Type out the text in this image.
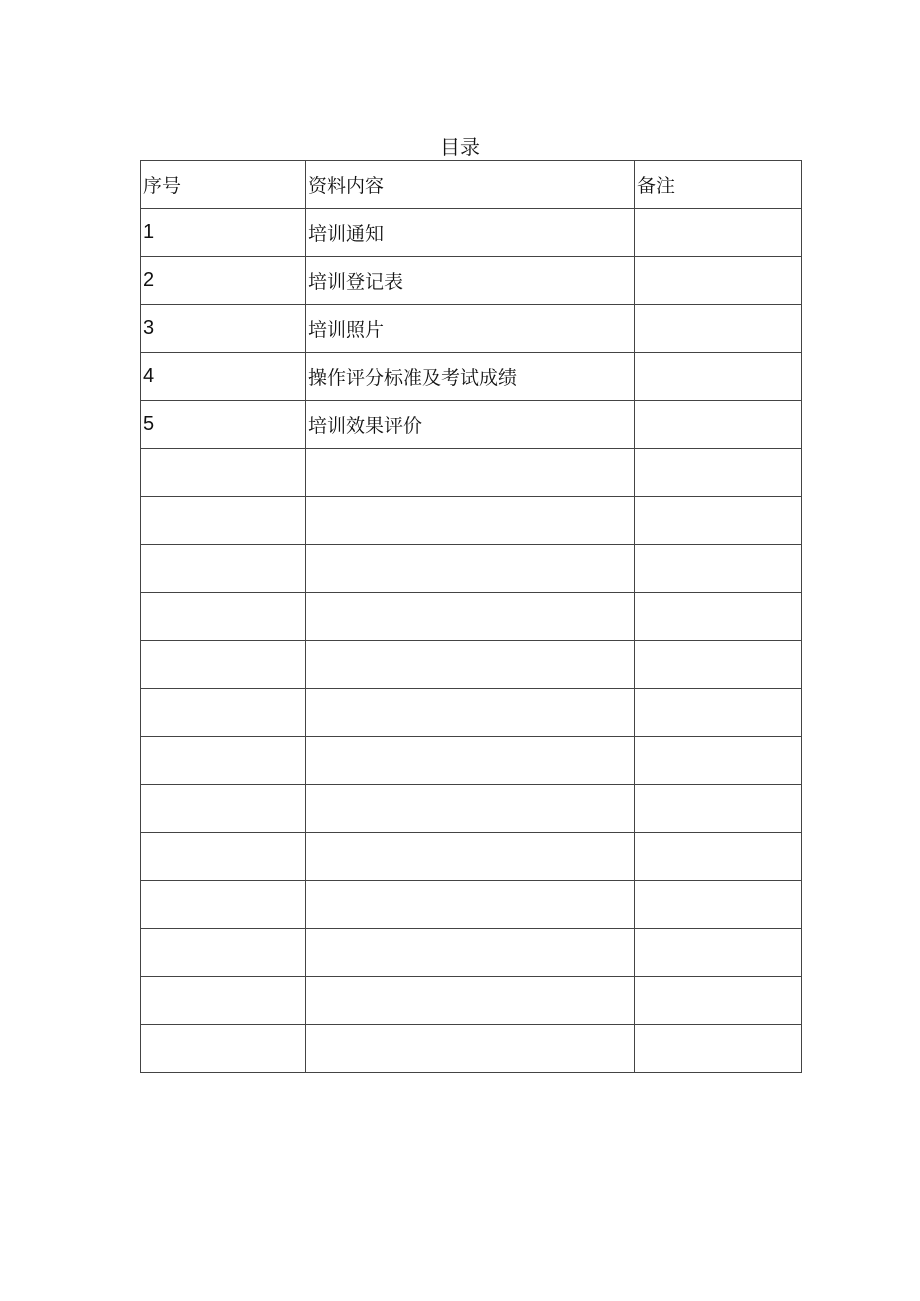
目录
序号	资料内容	备注
1	培训通知	
2	培训登记表	
3	培训照片	
4	操作评分标准及考试成绩	
5	培训效果评价	
